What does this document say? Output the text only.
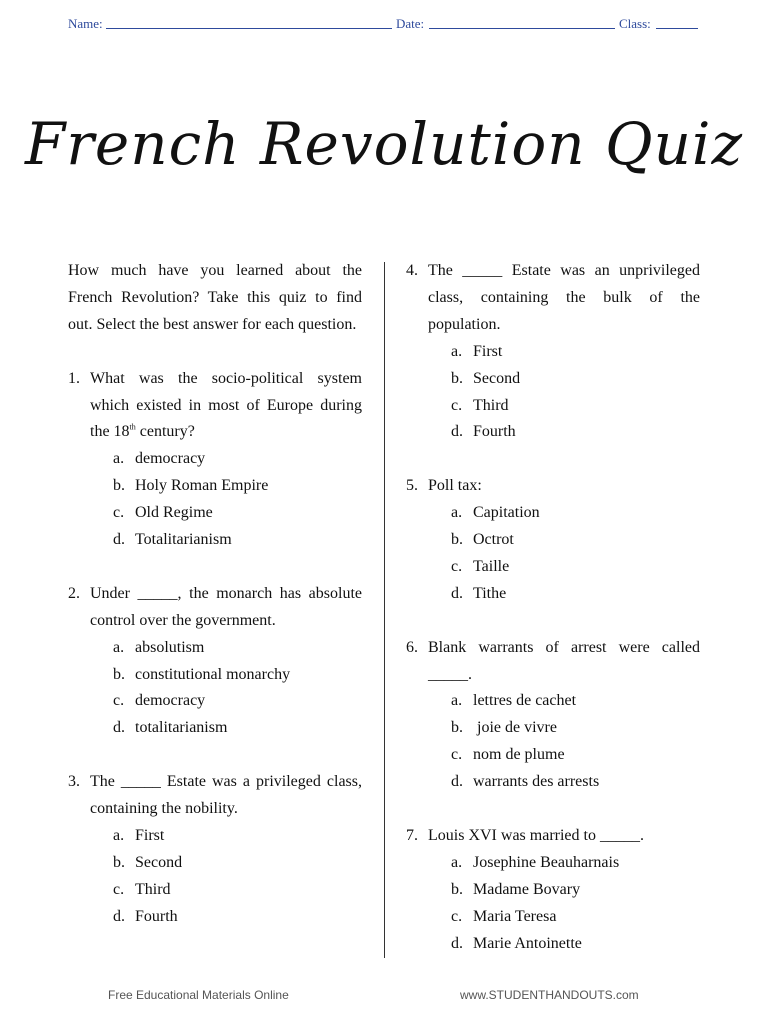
Name:	Date:	Class:
French Revolution Quiz

How much have you learned about the French Revolution? Take this quiz to find out. Select the best answer for each question.

1. What was the socio-political system which existed in most of Europe during the 18th century?
a. democracy
b. Holy Roman Empire
c. Old Regime
d. Totalitarianism
2. Under _____, the monarch has absolute control over the government.
a. absolutism
b. constitutional monarchy
c. democracy
d. totalitarianism
3. The _____ Estate was a privileged class, containing the nobility.
a. First
b. Second
c. Third
d. Fourth
4. The _____ Estate was an unprivileged class, containing the bulk of the population.
a. First
b. Second
c. Third
d. Fourth
5. Poll tax:
a. Capitation
b. Octrot
c. Taille
d. Tithe
6. Blank warrants of arrest were called _____.
a. lettres de cachet
b. joie de vivre
c. nom de plume
d. warrants des arrests
7. Louis XVI was married to _____.
a. Josephine Beauharnais
b. Madame Bovary
c. Maria Teresa
d. Marie Antoinette
Free Educational Materials Online	www.STUDENTHANDOUTS.com
